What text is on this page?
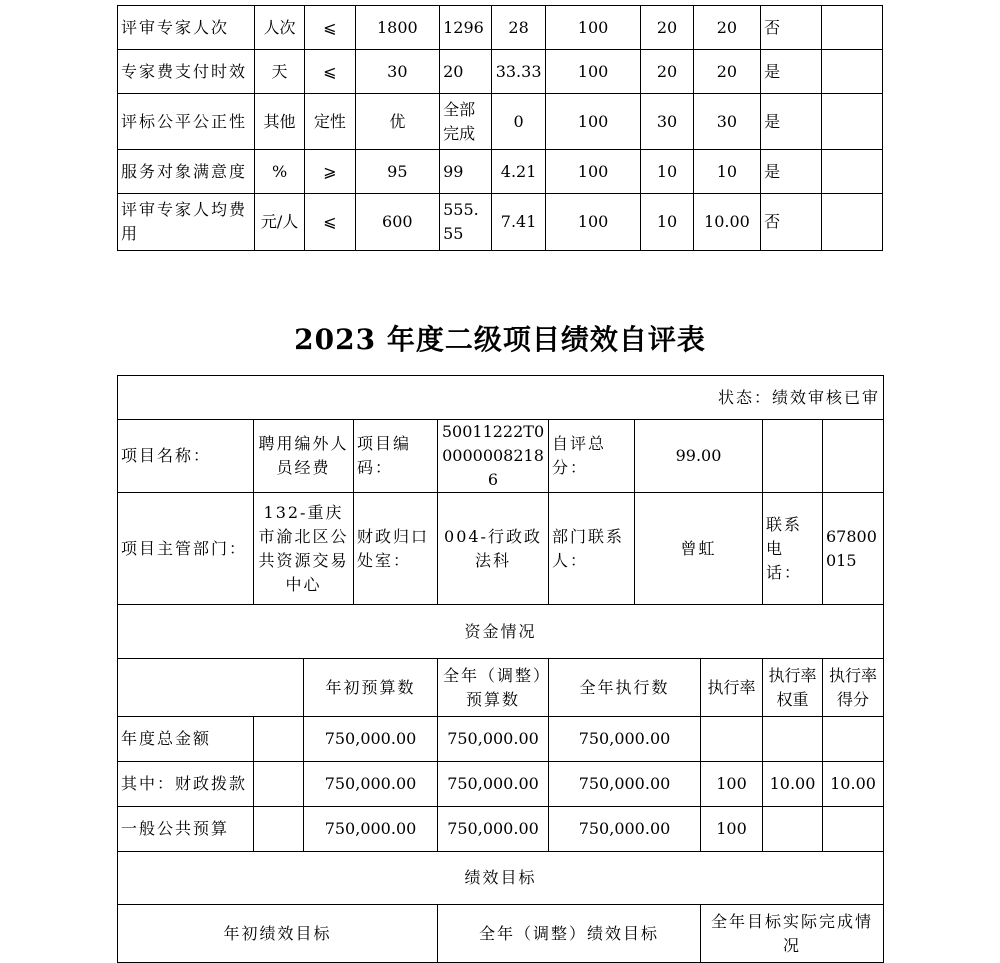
评审专家人次	人次	⩽	1800	1296	28	100	20	20	否	
专家费支付时效	天	⩽	30	20	33.33	100	20	20	是	
评标公平公正性	其他	定性	优	全部完成	0	100	30	30	是	
服务对象满意度	%	⩾	95	99	4.21	100	10	10	是	
评审专家人均费用	元/人	⩽	600	555.55	7.41	100	10	10.00	否	
2023 年度二级项目绩效自评表
状态：绩效审核已审									
项目名称：	聘用编外人员经费		项目编码：	50011222T000000082186	自评总分：	99.00			
项目主管部门：	132-重庆市渝北区公共资源交易中心		财政归口处室：	004-行政政法科	部门联系人：	曾虹		联系电话：	67800015
资金情况									
		年初预算数		全年（调整）预算数	全年执行数		执行率	执行率权重	执行率得分
年度总金额		750,000.00		750,000.00	750,000.00				
其中：财政拨款		750,000.00		750,000.00	750,000.00		100	10.00	10.00
一般公共预算		750,000.00		750,000.00	750,000.00		100		
绩效目标									
年初绩效目标				全年（调整）绩效目标			全年目标实际完成情况		
